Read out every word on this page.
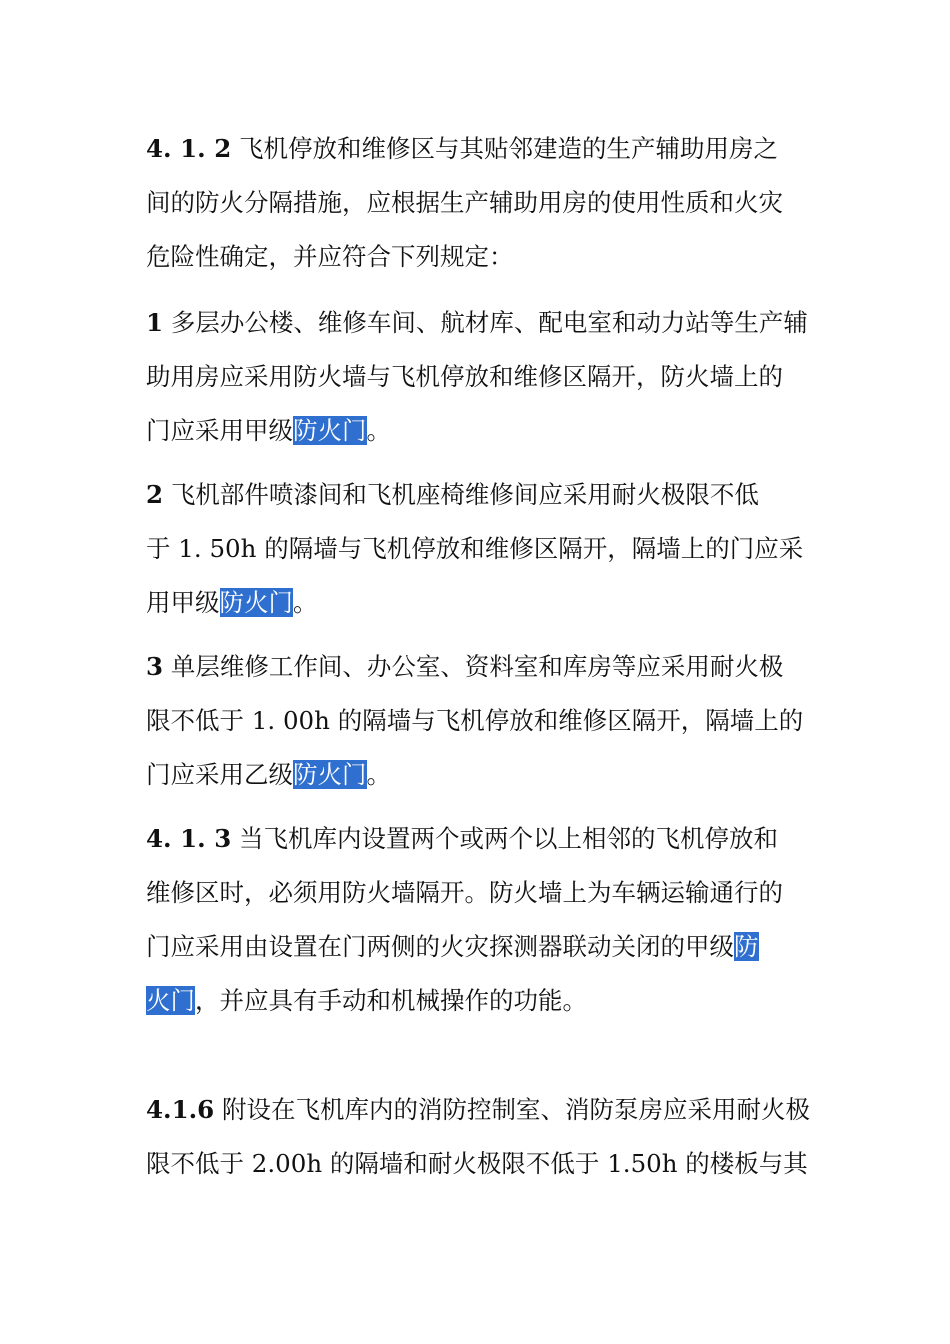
4. 1. 2 飞机停放和维修区与其贴邻建造的生产辅助用房之
间的防火分隔措施，应根据生产辅助用房的使用性质和火灾
危险性确定，并应符合下列规定：
1 多层办公楼、维修车间、航材库、配电室和动力站等生产辅
助用房应采用防火墙与飞机停放和维修区隔开，防火墙上的
门应采用甲级防火门。
2 飞机部件喷漆间和飞机座椅维修间应采用耐火极限不低
于 1. 50h 的隔墙与飞机停放和维修区隔开，隔墙上的门应采
用甲级防火门。
3 单层维修工作间、办公室、资料室和库房等应采用耐火极
限不低于 1. 00h 的隔墙与飞机停放和维修区隔开，隔墙上的
门应采用乙级防火门。
4. 1. 3 当飞机库内设置两个或两个以上相邻的飞机停放和
维修区时，必须用防火墙隔开。防火墙上为车辆运输通行的
门应采用由设置在门两侧的火灾探测器联动关闭的甲级防
火门，并应具有手动和机械操作的功能。
4.1.6 附设在飞机库内的消防控制室、消防泵房应采用耐火极
限不低于 2.00h 的隔墙和耐火极限不低于 1.50h 的楼板与其
